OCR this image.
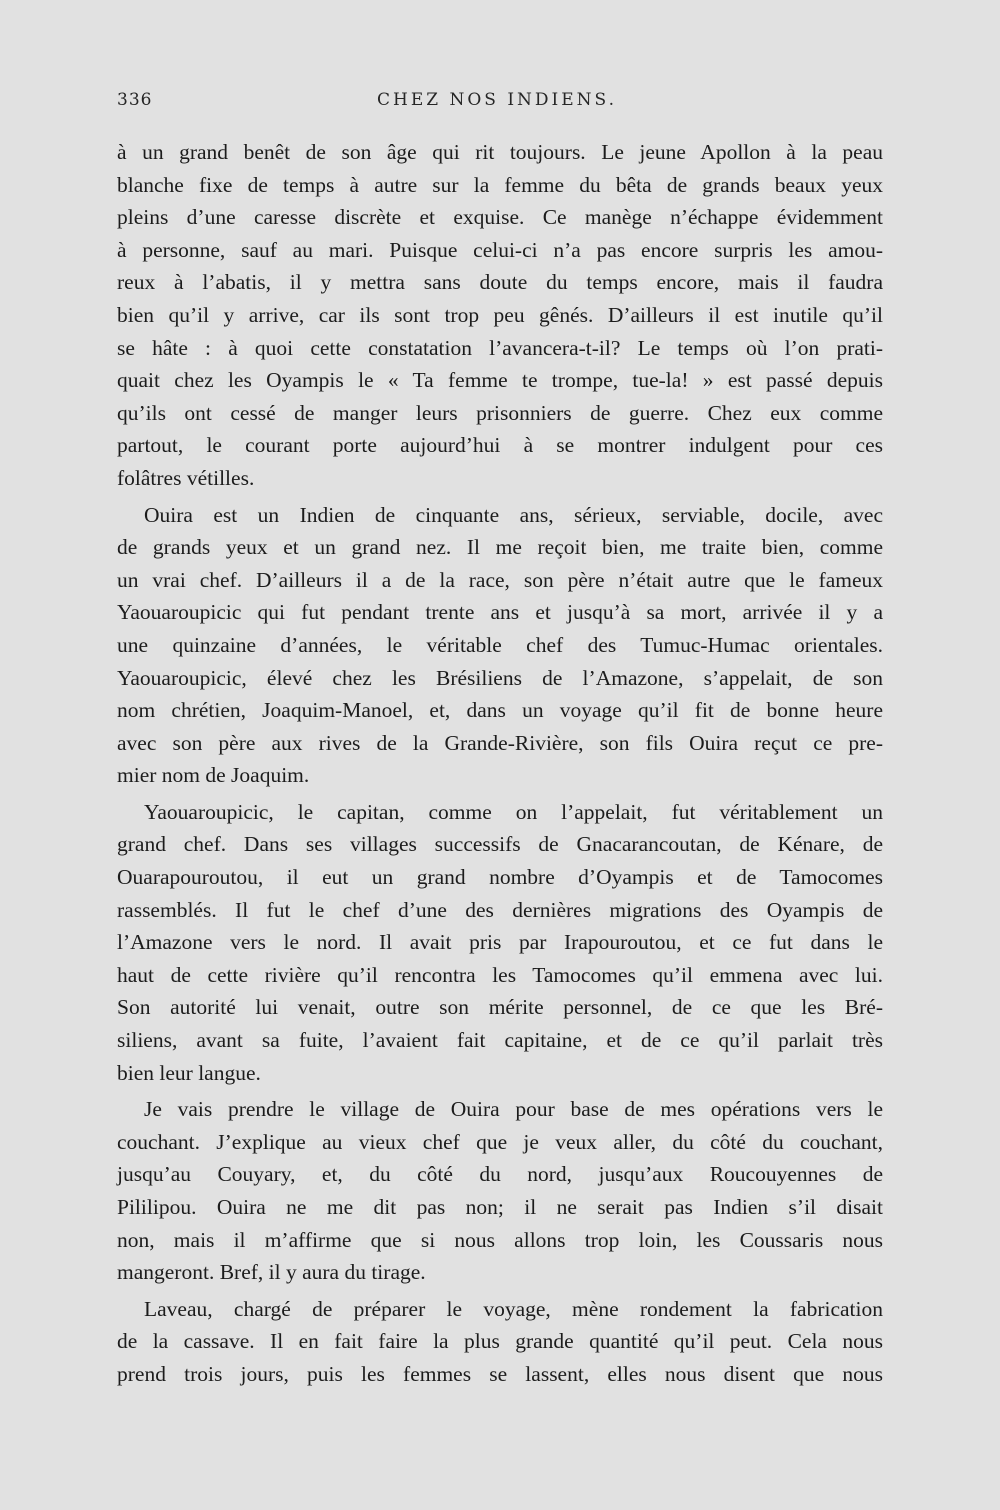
336	CHEZ NOS INDIENS.
à un grand benêt de son âge qui rit toujours. Le jeune Apollon à la peau
blanche fixe de temps à autre sur la femme du bêta de grands beaux yeux
pleins d’une caresse discrète et exquise. Ce manège n’échappe évidemment
à personne, sauf au mari. Puisque celui-ci n’a pas encore surpris les amou-
reux à l’abatis, il y mettra sans doute du temps encore, mais il faudra
bien qu’il y arrive, car ils sont trop peu gênés. D’ailleurs il est inutile qu’il
se hâte : à quoi cette constatation l’avancera-t-il? Le temps où l’on prati-
quait chez les Oyampis le « Ta femme te trompe, tue-la! » est passé depuis
qu’ils ont cessé de manger leurs prisonniers de guerre. Chez eux comme
partout, le courant porte aujourd’hui à se montrer indulgent pour ces
folâtres vétilles.
Ouira est un Indien de cinquante ans, sérieux, serviable, docile, avec
de grands yeux et un grand nez. Il me reçoit bien, me traite bien, comme
un vrai chef. D’ailleurs il a de la race, son père n’était autre que le fameux
Yaouaroupicic qui fut pendant trente ans et jusqu’à sa mort, arrivée il y a
une quinzaine d’années, le véritable chef des Tumuc-Humac orientales.
Yaouaroupicic, élevé chez les Brésiliens de l’Amazone, s’appelait, de son
nom chrétien, Joaquim-Manoel, et, dans un voyage qu’il fit de bonne heure
avec son père aux rives de la Grande-Rivière, son fils Ouira reçut ce pre-
mier nom de Joaquim.
Yaouaroupicic, le capitan, comme on l’appelait, fut véritablement un
grand chef. Dans ses villages successifs de Gnacarancoutan, de Kénare, de
Ouarapouroutou, il eut un grand nombre d’Oyampis et de Tamocomes
rassemblés. Il fut le chef d’une des dernières migrations des Oyampis de
l’Amazone vers le nord. Il avait pris par Irapouroutou, et ce fut dans le
haut de cette rivière qu’il rencontra les Tamocomes qu’il emmena avec lui.
Son autorité lui venait, outre son mérite personnel, de ce que les Bré-
siliens, avant sa fuite, l’avaient fait capitaine, et de ce qu’il parlait très
bien leur langue.
Je vais prendre le village de Ouira pour base de mes opérations vers le
couchant. J’explique au vieux chef que je veux aller, du côté du couchant,
jusqu’au Couyary, et, du côté du nord, jusqu’aux Roucouyennes de
Pililipou. Ouira ne me dit pas non; il ne serait pas Indien s’il disait
non, mais il m’affirme que si nous allons trop loin, les Coussaris nous
mangeront. Bref, il y aura du tirage.
Laveau, chargé de préparer le voyage, mène rondement la fabrication
de la cassave. Il en fait faire la plus grande quantité qu’il peut. Cela nous
prend trois jours, puis les femmes se lassent, elles nous disent que nous
